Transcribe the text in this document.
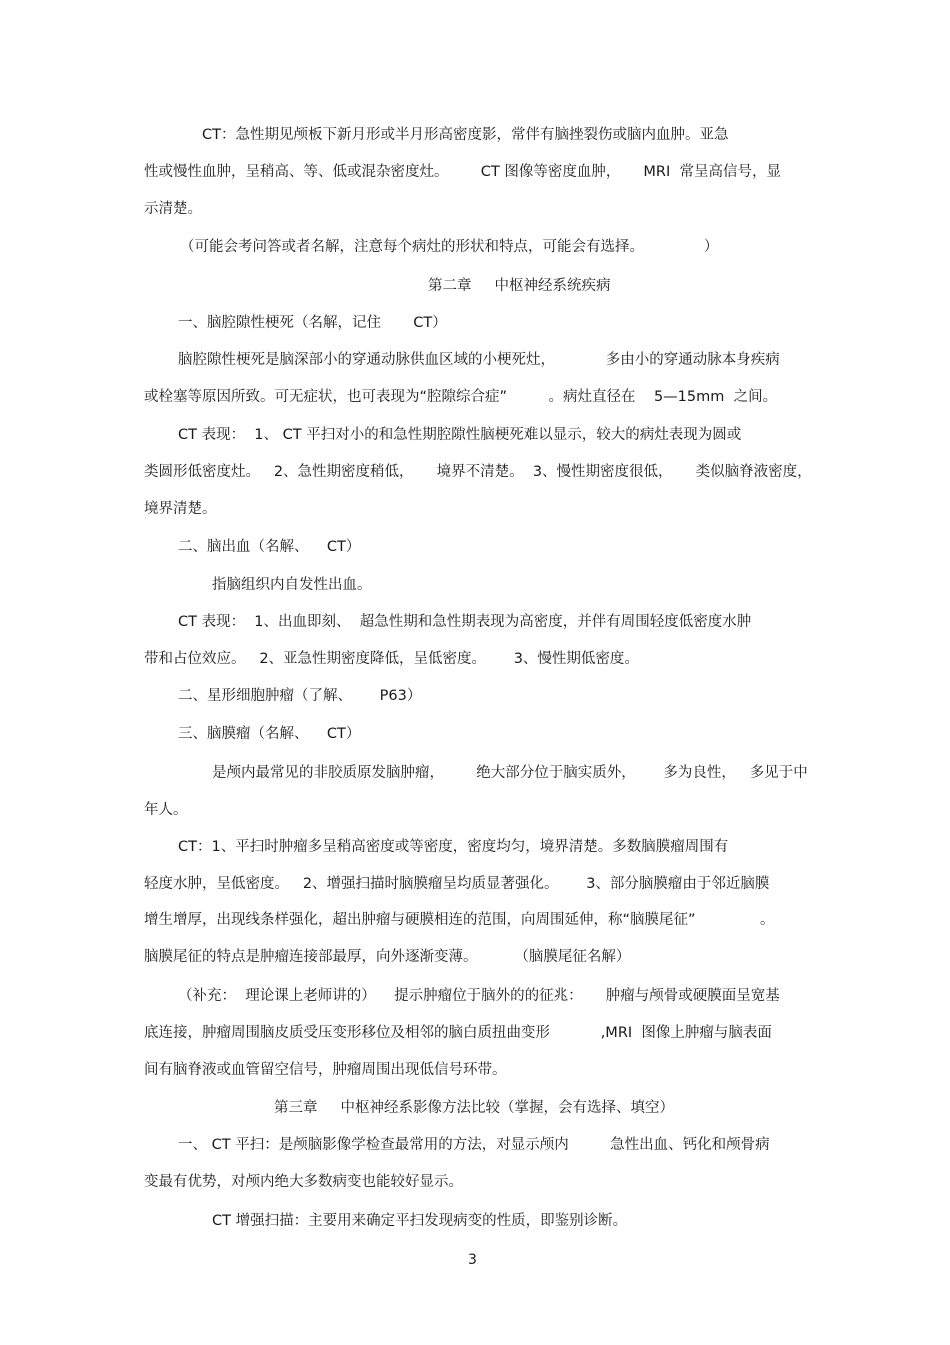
CT：急性期见颅板下新月形或半月形高密度影，常伴有脑挫裂伤或脑内血肿。亚急
性或慢性血肿，呈稍高、等、低或混杂密度灶。       CT 图像等密度血肿，     MRI  常呈高信号，显
示清楚。
（可能会考问答或者名解，注意每个病灶的形状和特点，可能会有选择。             ）
第二章     中枢神经系统疾病
一、脑腔隙性梗死（名解，记住       CT）
脑腔隙性梗死是脑深部小的穿通动脉供血区域的小梗死灶，           多由小的穿通动脉本身疾病
或栓塞等原因所致。可无症状，也可表现为“腔隙综合症”         。病灶直径在    5—15mm  之间。
CT 表现：  1、 CT 平扫对小的和急性期腔隙性脑梗死难以显示，较大的病灶表现为圆或
类圆形低密度灶。   2、急性期密度稍低，     境界不清楚。  3、慢性期密度很低，     类似脑脊液密度，
境界清楚。
二、脑出血（名解、    CT）
指脑组织内自发性出血。
CT 表现：  1、出血即刻、  超急性期和急性期表现为高密度，并伴有周围轻度低密度水肿
带和占位效应。   2、亚急性期密度降低，呈低密度。      3、慢性期低密度。
二、星形细胞肿瘤（了解、      P63）
三、脑膜瘤（名解、    CT）
是颅内最常见的非胶质原发脑肿瘤，       绝大部分位于脑实质外，      多为良性，   多见于中
年人。
CT：1、平扫时肿瘤多呈稍高密度或等密度，密度均匀，境界清楚。多数脑膜瘤周围有
轻度水肿，呈低密度。   2、增强扫描时脑膜瘤呈均质显著强化。      3、部分脑膜瘤由于邻近脑膜
增生增厚，出现线条样强化，超出肿瘤与硬膜相连的范围，向周围延伸，称“脑膜尾征”              。
脑膜尾征的特点是肿瘤连接部最厚，向外逐渐变薄。        （脑膜尾征名解）
（补充：  理论课上老师讲的）    提示肿瘤位于脑外的的征兆：     肿瘤与颅骨或硬膜面呈宽基
底连接，肿瘤周围脑皮质受压变形移位及相邻的脑白质扭曲变形           ,MRI  图像上肿瘤与脑表面
间有脑脊液或血管留空信号，肿瘤周围出现低信号环带。
第三章     中枢神经系影像方法比较（掌握，会有选择、填空）
一、 CT 平扫：是颅脑影像学检查最常用的方法，对显示颅内         急性出血、钙化和颅骨病
变最有优势，对颅内绝大多数病变也能较好显示。
CT 增强扫描：主要用来确定平扫发现病变的性质，即鉴别诊断。
3
